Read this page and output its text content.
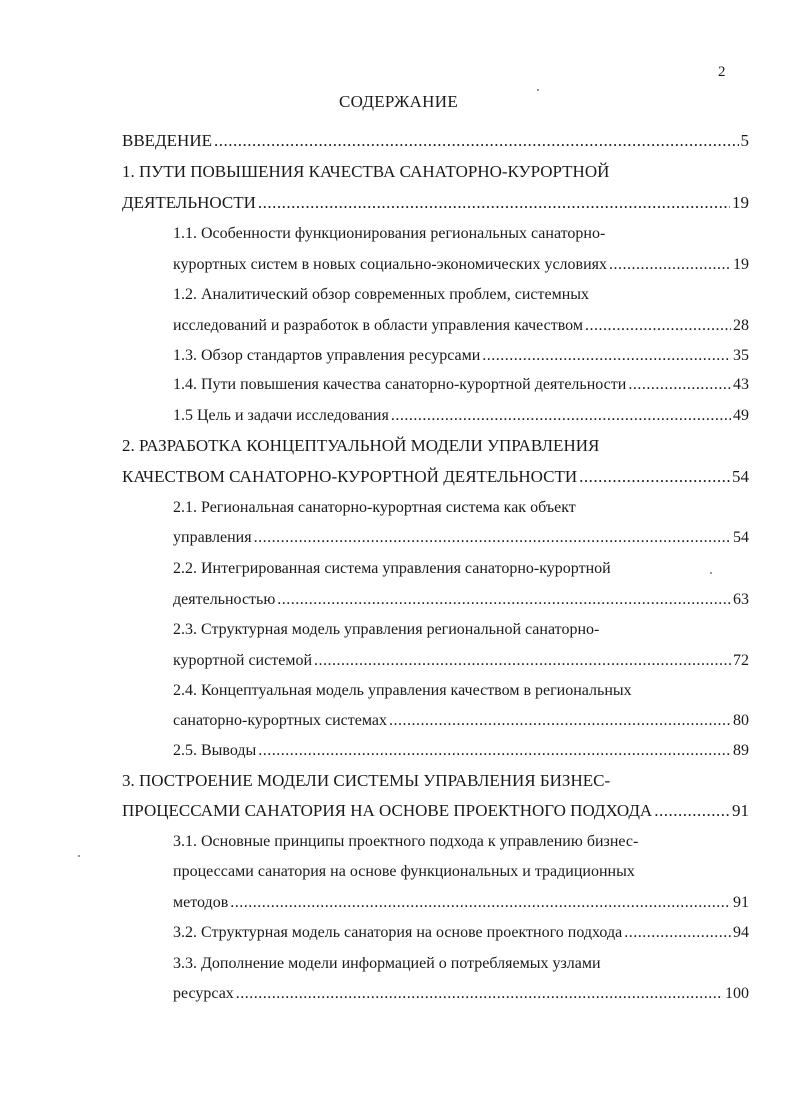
2
СОДЕРЖАНИЕ
ВВЕДЕНИЕ .....	5
1. ПУТИ ПОВЫШЕНИЯ КАЧЕСТВА САНАТОРНО-КУРОРТНОЙ
ДЕЯТЕЛЬНОСТИ .....	19
1.1. Особенности функционирования региональных санаторно-
курортных систем в новых социально-экономических условиях .....	19
1.2. Аналитический обзор современных проблем, системных
исследований и разработок в области управления качеством .....	28
1.3. Обзор стандартов управления ресурсами .....	35
1.4. Пути повышения качества санаторно-курортной деятельности .....	43
1.5 Цель и задачи исследования .....	49
2. РАЗРАБОТКА КОНЦЕПТУАЛЬНОЙ МОДЕЛИ УПРАВЛЕНИЯ
КАЧЕСТВОМ САНАТОРНО-КУРОРТНОЙ ДЕЯТЕЛЬНОСТИ .....	54
2.1. Региональная санаторно-курортная система как объект
управления .....	54
2.2. Интегрированная система управления санаторно-курортной
деятельностью .....	63
2.3. Структурная модель управления региональной санаторно-
курортной системой .....	72
2.4. Концептуальная модель управления качеством в региональных
санаторно-курортных системах .....	80
2.5. Выводы .....	89
3. ПОСТРОЕНИЕ МОДЕЛИ СИСТЕМЫ УПРАВЛЕНИЯ БИЗНЕС-
ПРОЦЕССАМИ САНАТОРИЯ НА ОСНОВЕ ПРОЕКТНОГО ПОДХОДА .....	91
3.1. Основные принципы проектного подхода к управлению бизнес-
процессами санатория на основе функциональных и традиционных
методов .....	91
3.2. Структурная модель санатория на основе проектного подхода .....	94
3.3. Дополнение модели информацией о потребляемых узлами
ресурсах .....	100
